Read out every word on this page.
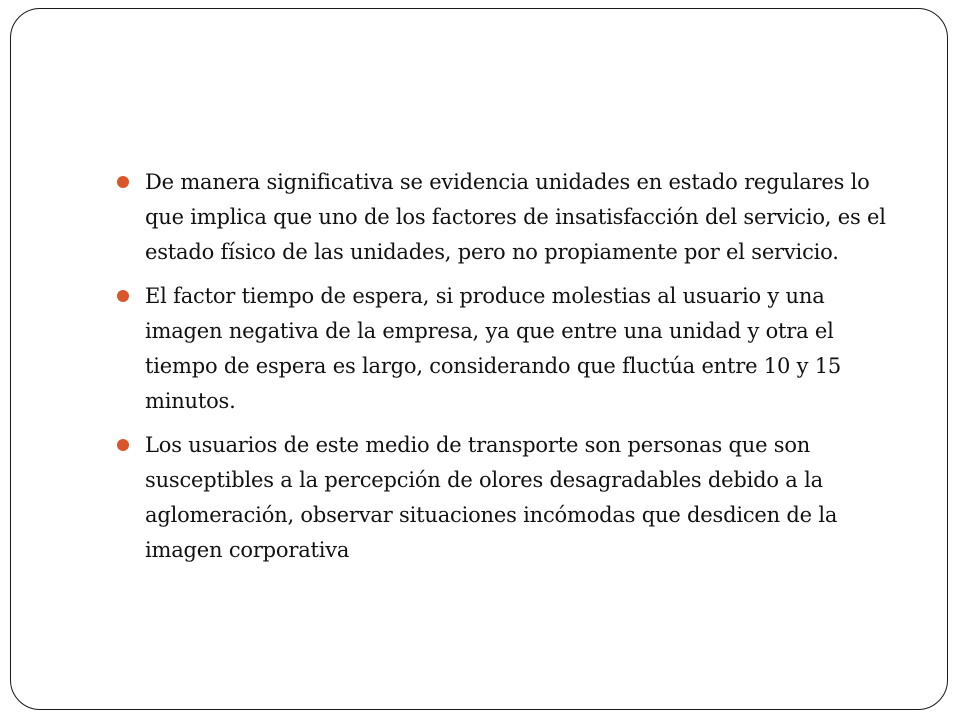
De manera significativa se evidencia unidades en estado regulares lo que implica que uno de los factores de insatisfacción del servicio, es el estado físico de las unidades, pero no propiamente por el servicio.
El factor tiempo de espera, si produce molestias al usuario y una imagen negativa de la empresa, ya que entre una unidad y otra el tiempo de espera es largo, considerando que fluctúa entre 10 y 15 minutos.
Los usuarios de este medio de transporte son personas que son susceptibles a la percepción de olores desagradables debido a la aglomeración, observar situaciones incómodas que desdicen de la imagen corporativa
